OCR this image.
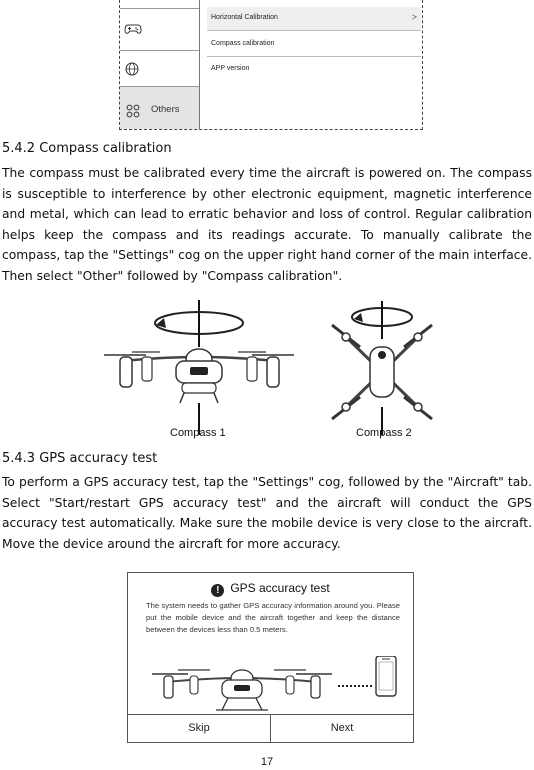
Others
Horizontal Calibration	>
Compass calibration
APP version
5.4.2 Compass calibration

The compass must be calibrated every time the aircraft is powered on. The compass is susceptible to interference by other electronic equipment, magnetic interference and metal, which can lead to erratic behavior and loss of control. Regular calibration helps keep the compass and its readings accurate. To manually calibrate the compass, tap the "Settings" cog on the upper right hand corner of the main interface. Then select "Other" followed by "Compass calibration".

Compass 1	Compass 2
5.4.3 GPS accuracy test

To perform a GPS accuracy test, tap the "Settings" cog, followed by the "Aircraft" tab. Select "Start/restart GPS accuracy test" and the aircraft will conduct the GPS accuracy test automatically. Make sure the mobile device is very close to the aircraft. Move the device around the aircraft for more accuracy.

! GPS accuracy test

The system needs to gather GPS accuracy information around you. Please put the mobile device and the aircraft together and keep the distance between the devices less than 0.5 meters.

Skip	Next
17
